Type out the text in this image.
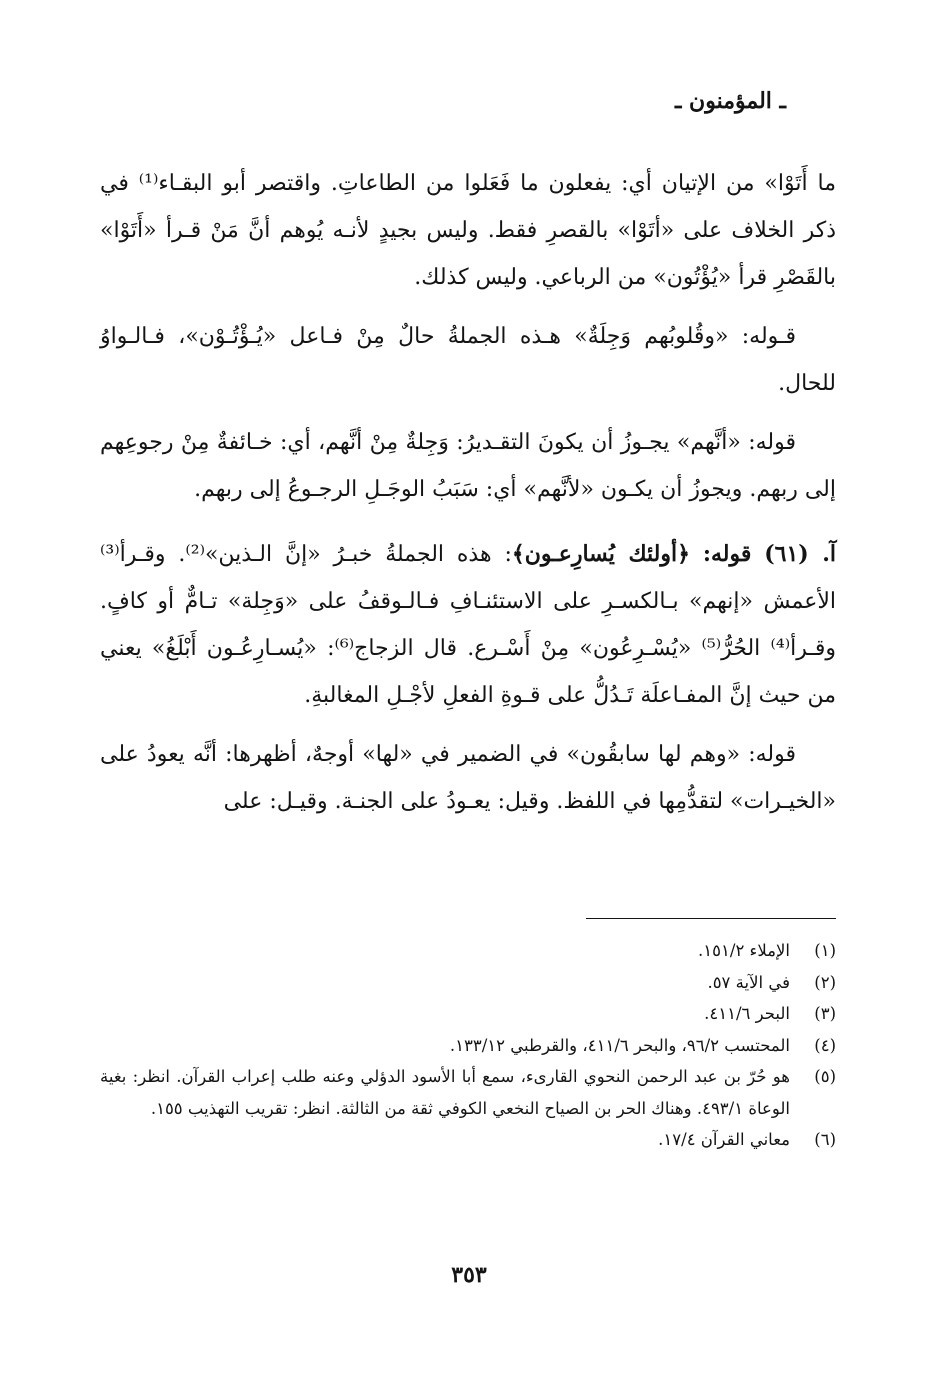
ـ المؤمنون ـ

ما أَتَوْا» من الإتيان أي: يفعلون ما فَعَلوا من الطاعاتِ. واقتصر أبو البقـاء⁽¹⁾ في ذكر الخلاف على «أتَوْا» بالقصرِ فقط. وليس بجيدٍ لأنـه يُوهم أنَّ مَنْ قـرأ «أَتَوْا» بالقَصْرِ قرأ «يُؤْتُون» من الرباعي. وليس كذلك.

قـوله: «وقُلوبُهم وَجِلَةٌ» هـذه الجملةُ حالٌ مِنْ فـاعل «يُـؤْتُـوْن»، فـالـواوُ للحال.

قوله: «أنَّهم» يجـوزُ أن يكونَ التقـديرُ: وَجِلةٌ مِنْ أنَّهم، أي: خـائفةٌ مِنْ رجوعِهم إلى ربهم. ويجوزُ أن يكـون «لأنَّهم» أي: سَبَبُ الوجَـلِ الرجـوعُ إلى ربهم.

آ. (٦١) قوله: ﴿أولئك يُسارِعـون﴾: هذه الجملةُ خبـرُ «إنَّ الـذين»⁽²⁾. وقـرأ⁽³⁾ الأعمش «إنهم» بـالكسـرِ على الاستئنـافِ فـالـوقفُ على «وَجِلة» تـامٌّ أو كافٍ. وقـرأ⁽⁴⁾ الحُرُّ⁽⁵⁾ «يُسْـرِعُون» مِنْ أَسْـرع. قال الزجاج⁽⁶⁾: «يُسـارِعُـون أَبْلَغُ» يعني من حيث إنَّ المفـاعلَة تَـدُلُّ على قـوةِ الفعلِ لأجْـلِ المغالبةِ.

قوله: «وهم لها سابقُون» في الضمير في «لها» أوجهٌ، أظهرها: أنَّه يعودُ على «الخيـرات» لتقدُّمِها في اللفظ. وقيل: يعـودُ على الجنـة. وقيـل: على

(١)
الإملاء ١٥١/٢.
(٢)
في الآية ٥٧.
(٣)
البحر ٤١١/٦.
(٤)
المحتسب ٩٦/٢، والبحر ٤١١/٦، والقرطبي ١٣٣/١٢.
(٥)
هو حُرّ بن عبد الرحمن النحوي القارىء، سمع أبا الأسود الدؤلي وعنه طلب إعراب القرآن. انظر: بغية الوعاة ٤٩٣/١. وهناك الحر بن الصياح النخعي الكوفي ثقة من الثالثة. انظر: تقريب التهذيب ١٥٥.
(٦)
معاني القرآن ١٧/٤.
٣٥٣
